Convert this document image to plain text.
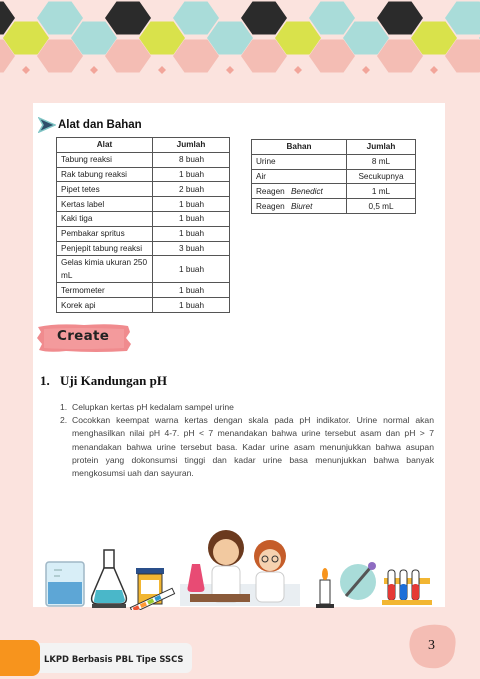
Alat dan Bahan
Alat	Jumlah
Tabung reaksi	8 buah
Rak tabung reaksi	1 buah
Pipet tetes	2 buah
Kertas label	1 buah
Kaki tiga	1 buah
Pembakar spritus	1 buah
Penjepit tabung reaksi	3 buah
Gelas kimia ukuran 250 mL	1 buah
Termometer	1 buah
Korek api	1 buah
Bahan	Jumlah
Urine	8 mL
Air	Secukupnya
Reagen Benedict	1 mL
Reagen Biuret	0,5 mL
Create
1. Uji Kandungan pH
1. Celupkan kertas pH kedalam sampel urine
2. Cocokkan keempat warna kertas dengan skala pada pH indikator. Urine normal akan menghasilkan nilai pH 4-7. pH < 7 menandakan bahwa urine tersebut asam dan pH > 7 menandakan bahwa urine tersebut basa. Kadar urine asam menunjukkan bahwa asupan protein yang dokonsumsi tinggi dan kadar urine basa menunjukkan bahwa banyak mengkosumsi uah dan sayuran.
LKPD Berbasis PBL Tipe SSCS
3
